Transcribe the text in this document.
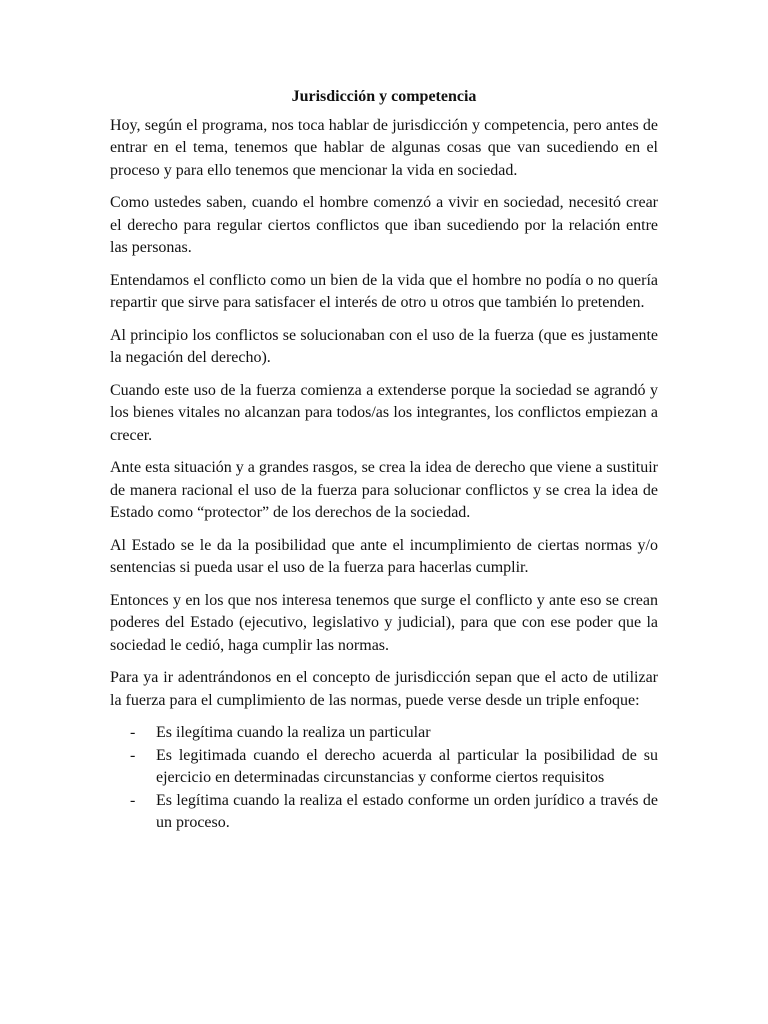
Jurisdicción y competencia

Hoy, según el programa, nos toca hablar de jurisdicción y competencia, pero antes de entrar en el tema, tenemos que hablar de algunas cosas que van sucediendo en el proceso y para ello tenemos que mencionar la vida en sociedad.

Como ustedes saben, cuando el hombre comenzó a vivir en sociedad, necesitó crear el derecho para regular ciertos conflictos que iban sucediendo por la relación entre las personas.

Entendamos el conflicto como un bien de la vida que el hombre no podía o no quería repartir que sirve para satisfacer el interés de otro u otros que también lo pretenden.

Al principio los conflictos se solucionaban con el uso de la fuerza (que es justamente la negación del derecho).

Cuando este uso de la fuerza comienza a extenderse porque la sociedad se agrandó y los bienes vitales no alcanzan para todos/as los integrantes, los conflictos empiezan a crecer.

Ante esta situación y a grandes rasgos, se crea la idea de derecho que viene a sustituir de manera racional el uso de la fuerza para solucionar conflictos y se crea la idea de Estado como “protector” de los derechos de la sociedad.

Al Estado se le da la posibilidad que ante el incumplimiento de ciertas normas y/o sentencias si pueda usar el uso de la fuerza para hacerlas cumplir.

Entonces y en los que nos interesa tenemos que surge el conflicto y ante eso se crean poderes del Estado (ejecutivo, legislativo y judicial), para que con ese poder que la sociedad le cedió, haga cumplir las normas.

Para ya ir adentrándonos en el concepto de jurisdicción sepan que el acto de utilizar la fuerza para el cumplimiento de las normas, puede verse desde un triple enfoque:

-	Es ilegítima cuando la realiza un particular
-	Es legitimada cuando el derecho acuerda al particular la posibilidad de su ejercicio en determinadas circunstancias y conforme ciertos requisitos
-	Es legítima cuando la realiza el estado conforme un orden jurídico a través de un proceso.
